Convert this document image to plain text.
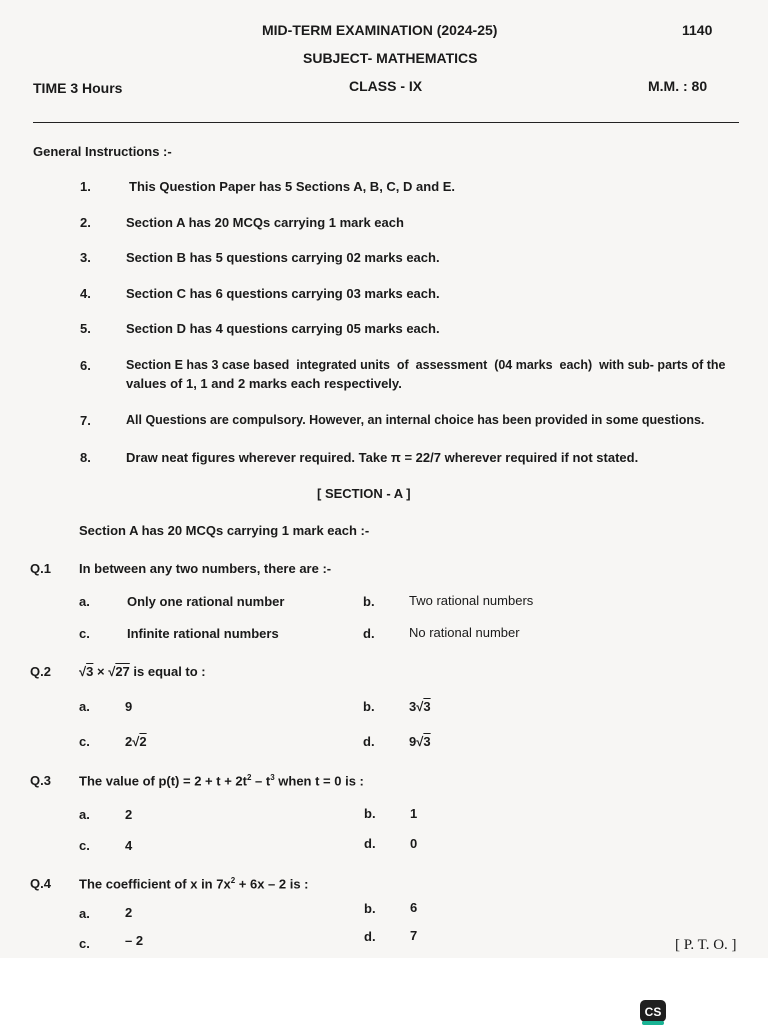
MID-TERM EXAMINATION (2024-25)	1140
SUBJECT- MATHEMATICS
TIME 3 Hours	CLASS - IX	M.M. : 80
General Instructions :-
1.	This Question Paper has 5 Sections A, B, C, D and E.
2.	Section A has 20 MCQs carrying 1 mark each
3.	Section B has 5 questions carrying 02 marks each.
4.	Section C has 6 questions carrying 03 marks each.
5.	Section D has 4 questions carrying 05 marks each.
6.	Section E has 3 case based  integrated units  of  assessment  (04 marks  each)  with sub- parts of the
values of 1, 1 and 2 marks each respectively.
7.	All Questions are compulsory. However, an internal choice has been provided in some questions.
8.	Draw neat figures wherever required. Take π = 22/7 wherever required if not stated.
[ SECTION - A ]
Section A has 20 MCQs carrying 1 mark each :-
Q.1 In between any two numbers, there are :-
a.	Only one rational number	b.	Two rational numbers
c.	Infinite rational numbers	d.	No rational number
Q.2 √3 × √27 is equal to :
a.	9	b.	3√3
c.	2√2	d.	9√3
Q.3 The value of $p(t) = 2 + t + 2t^2 - t^3$ when t = 0 is :
a.	2	b.	1
c.	4	d.	0
Q.4 The coefficient of x in $7x^2 + 6x - 2$ is :
a.	2	b.	6
c.	– 2	d.	7
[ P. T. O. ]
CS
